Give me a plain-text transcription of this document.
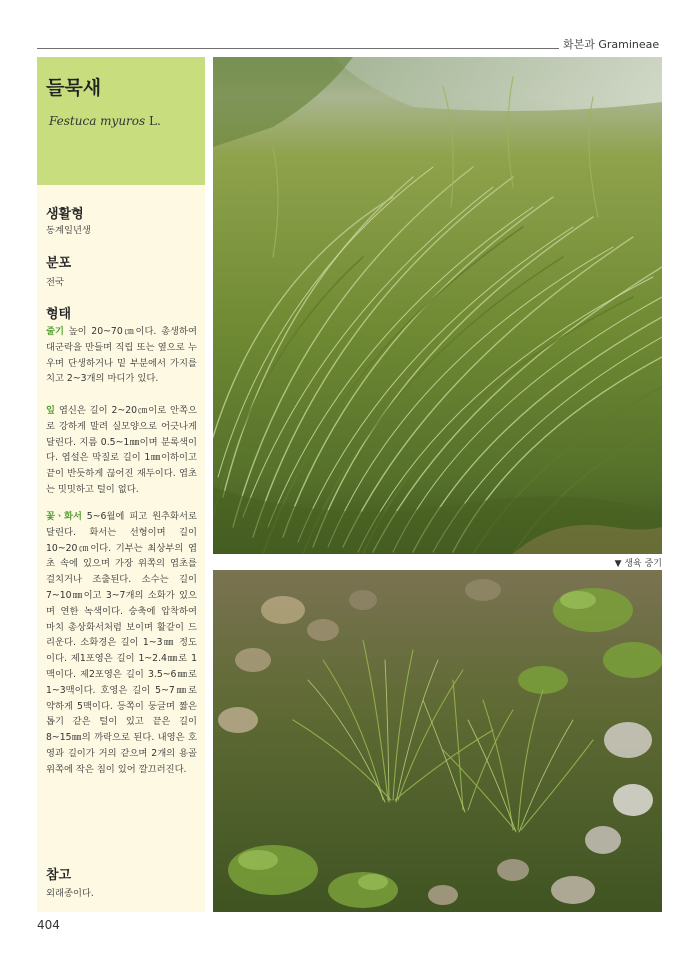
화본과 Gramineae
들묵새
Festuca myuros L.
생활형
동계일년생
분포
전국
형태
줄기 높이 20~70㎝이다. 총생하여 대군락을 만들며 직립 또는 옆으로 누우며 단생하거나 밑 부분에서 가지를 치고 2~3개의 마디가 있다.
잎 엽신은 길이 2~20㎝이로 안쪽으로 강하게 말려 실모양으로 어긋나게 달린다. 지름 0.5~1㎜이며 분록색이다. 엽설은 막질로 길이 1㎜이하이고 끝이 반듯하게 끊어진 재두이다. 엽초는 밋밋하고 털이 없다.
꽃ㆍ화서 5~6월에 피고 원추화서로 달린다. 화서는 선형이며 길이 10~20㎝이다. 기부는 최상부의 엽초 속에 있으며 가장 위쪽의 엽초를 걸치거나 조출된다. 소수는 길이 7~10㎜이고 3~7개의 소화가 있으며 연한 녹색이다. 숭축에 압착하여 마치 총상화서처럼 보이며 활같이 드리운다. 소화경은 길이 1~3㎜ 정도이다. 제1포영은 길이 1~2.4㎜로 1맥이다. 제2포영은 길이 3.5~6㎜로 1~3맥이다. 호영은 길이 5~7㎜로 약하게 5맥이다. 등쪽이 둥글며 짧은 톱기 같은 털이 있고 끝은 길이 8~15㎜의 까락으로 된다. 내영은 호영과 길이가 거의 같으며 2개의 용골 위쪽에 작은 침이 있어 깔끄러진다.
참고
외래종이다.
▼ 생육 중기
404
